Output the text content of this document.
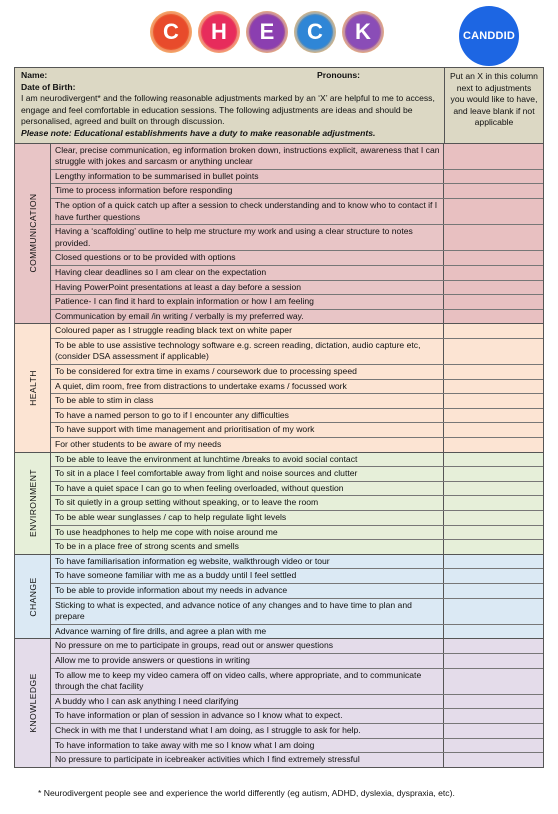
C H E C K	CANDDID
Name:	Pronouns:
Date of Birth:
I am neurodivergent* and the following reasonable adjustments marked by an ‘X’ are helpful to me to access, engage and feel comfortable in education sessions. The following adjustments are ideas and should be personalised, agreed and built on through discussion.
Please note: Educational establishments have a duty to make reasonable adjustments.
Put an X in this column next to adjustments you would like to have, and leave blank if not applicable
COMMUNICATION
Clear, precise communication, eg information broken down, instructions explicit, awareness that I can struggle with jokes and sarcasm or anything unclear
Lengthy information to be summarised in bullet points
Time to process information before responding
The option of a quick catch up after a session to check understanding and to know who to contact if I have further questions
Having a ‘scaffolding’ outline to help me structure my work and using a clear structure to notes provided.
Closed questions or to be provided with options
Having clear deadlines so I am clear on the expectation
Having PowerPoint presentations at least a day before a session
Patience- I can find it hard to explain information or how I am feeling
Communication by email /in writing / verbally is my preferred way.
HEALTH
Coloured paper as I struggle reading black text on white paper
To be able to use assistive technology software e.g. screen reading, dictation, audio capture etc, (consider DSA assessment if applicable)
To be considered for extra time in exams / coursework due to processing speed
A quiet, dim room, free from distractions to undertake exams / focussed work
To be able to stim in class
To have a named person to go to if I encounter any difficulties
To have support with time management and prioritisation of my work
For other students to be aware of my needs
ENVIRONMENT
To be able to leave the environment at lunchtime /breaks to avoid social contact
To sit in a place I feel comfortable away from light and noise sources and clutter
To have a quiet space I can go to when feeling overloaded, without question
To sit quietly in a group setting without speaking, or to leave the room
To be able wear sunglasses / cap to help regulate light levels
To use headphones to help me cope with noise around me
To be in a place free of strong scents and smells
CHANGE
To have familiarisation information eg website, walkthrough video or tour
To have someone familiar with me as a buddy until I feel settled
To be able to provide information about my needs in advance
Sticking to what is expected, and advance notice of any changes and to have time to plan and prepare
Advance warning of fire drills, and agree a plan with me
KNOWLEDGE
No pressure on me to participate in groups, read out or answer questions
Allow me to provide answers or questions in writing
To allow me to keep my video camera off on video calls, where appropriate, and to communicate through the chat facility
A buddy who I can ask anything I need clarifying
To have information or plan of session in advance so I know what to expect.
Check in with me that I understand what I am doing, as I struggle to ask for help.
To have information to take away with me so I know what I am doing
No pressure to participate in icebreaker activities which I find extremely stressful
* Neurodivergent people see and experience the world differently (eg autism, ADHD, dyslexia, dyspraxia, etc).
